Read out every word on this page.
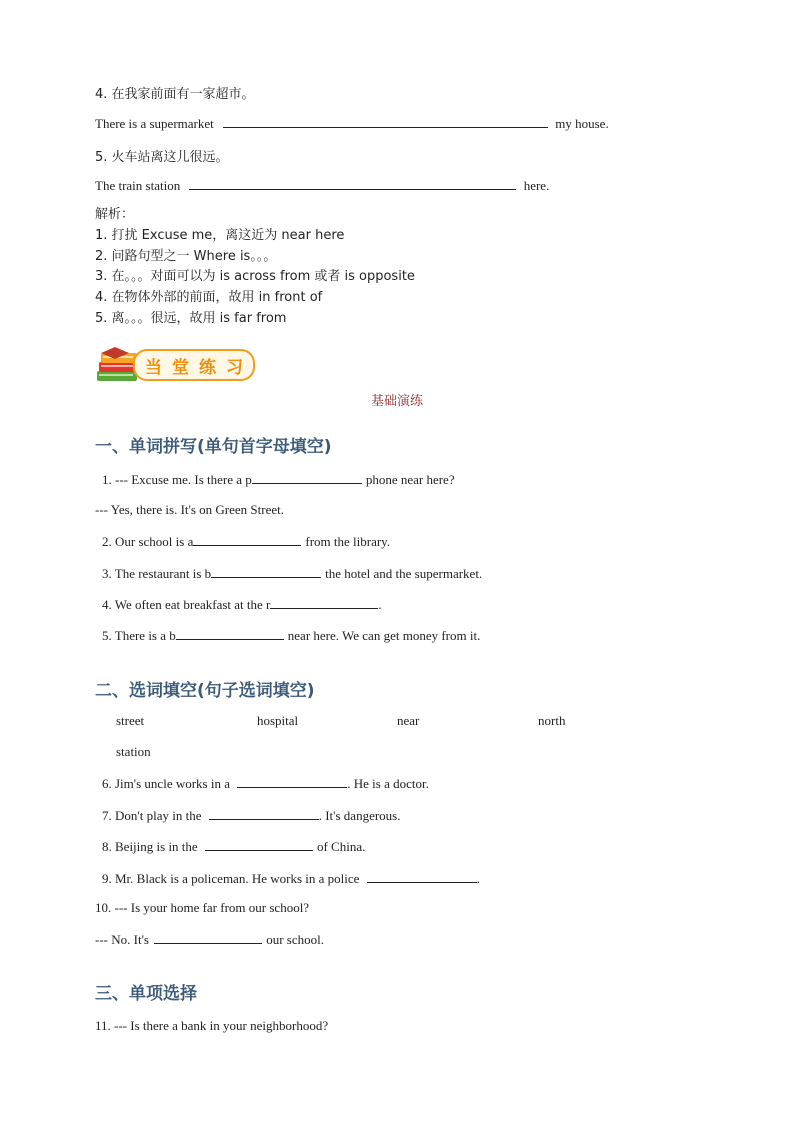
4. 在我家前面有一家超市。
There is a supermarket	my house.
5. 火车站离这儿很远。
The train station	here.
解析：
1. 打扰 Excuse me，离这近为 near here
2. 问路句型之一 Where is。。。
3. 在。。。对面可以为 is across from 或者 is opposite
4. 在物体外部的前面，故用 in front of
5. 离。。。很远，故用 is far from
当堂练习
基础演练
一、单词拼写(单句首字母填空)
1. --- Excuse me. Is there a p	phone near here?
--- Yes, there is. It's on Green Street.
2. Our school is a	from the library.
3. The restaurant is b	the hotel and the supermarket.
4. We often eat breakfast at the r	.
5. There is a b	near here. We can get money from it.
二、选词填空(句子选词填空)
street	hospital	near	north
station
6. Jim's uncle works in a	. He is a doctor.
7. Don't play in the	. It's dangerous.
8. Beijing is in the	of China.
9. Mr. Black is a policeman. He works in a police	.
10. --- Is your home far from our school?
--- No. It's	our school.
三、单项选择
11. --- Is there a bank in your neighborhood?
